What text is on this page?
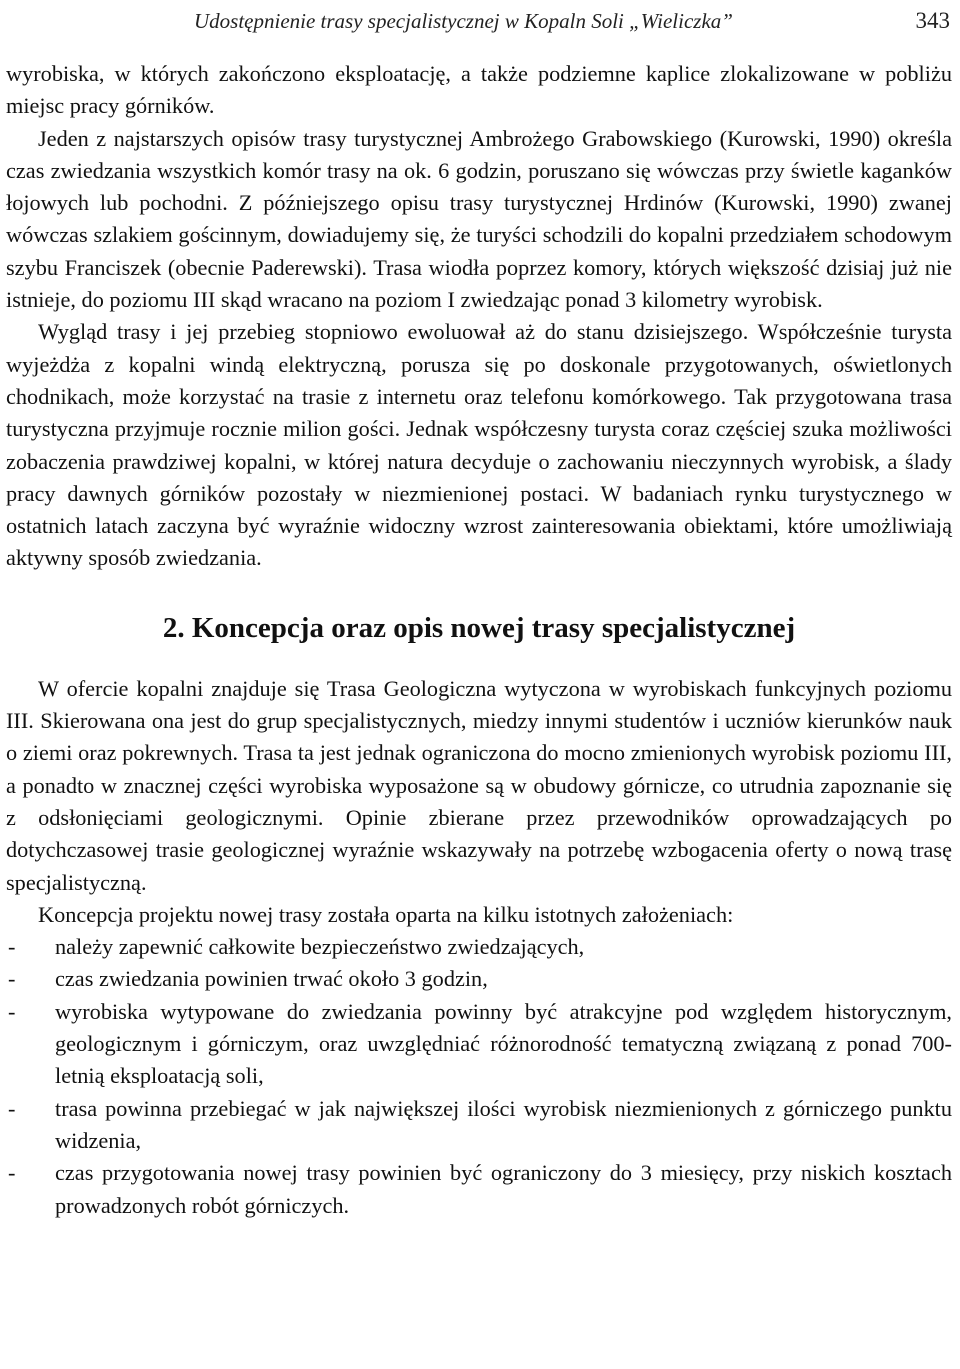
Udostępnienie trasy specjalistycznej w Kopaln Soli „Wieliczka”	343

wyrobiska, w których zakończono eksploatację, a także podziemne kaplice zlokalizowane w pobliżu miejsc pracy górników.

Jeden z najstarszych opisów trasy turystycznej Ambrożego Grabowskiego (Kurowski, 1990) określa czas zwiedzania wszystkich komór trasy na ok. 6 godzin, poruszano się wówczas przy świetle kaganków łojowych lub pochodni. Z późniejszego opisu trasy turystycznej Hrdinów (Kurowski, 1990) zwanej wówczas szlakiem gościnnym, dowiadujemy się, że turyści schodzili do kopalni przedziałem schodowym szybu Franciszek (obecnie Paderewski). Trasa wiodła poprzez komory, których większość dzisiaj już nie istnieje, do poziomu III skąd wracano na poziom I zwiedzając ponad 3 kilometry wyrobisk.

Wygląd trasy i jej przebieg stopniowo ewoluował aż do stanu dzisiejszego. Współcześnie turysta wyjeżdża z kopalni windą elektryczną, porusza się po doskonale przygotowanych, oświetlonych chodnikach, może korzystać na trasie z internetu oraz telefonu komórkowego. Tak przygotowana trasa turystyczna przyjmuje rocznie milion gości. Jednak współczesny turysta coraz częściej szuka możliwości zobaczenia prawdziwej kopalni, w której natura decyduje o zachowaniu nieczynnych wyrobisk, a ślady pracy dawnych górników pozostały w niezmienionej postaci. W badaniach rynku turystycznego w ostatnich latach zaczyna być wyraźnie widoczny wzrost zainteresowania obiektami, które umożliwiają aktywny sposób zwiedzania.

2. Koncepcja oraz opis nowej trasy specjalistycznej

W ofercie kopalni znajduje się Trasa Geologiczna wytyczona w wyrobiskach funkcyjnych poziomu III. Skierowana ona jest do grup specjalistycznych, miedzy innymi studentów i uczniów kierunków nauk o ziemi oraz pokrewnych. Trasa ta jest jednak ograniczona do mocno zmienionych wyrobisk poziomu III, a ponadto w znacznej części wyrobiska wyposażone są w obudowy górnicze, co utrudnia zapoznanie się z odsłonięciami geologicznymi. Opinie zbierane przez przewodników oprowadzających po dotychczasowej trasie geologicznej wyraźnie wskazywały na potrzebę wzbogacenia oferty o nową trasę specjalistyczną.

Koncepcja projektu nowej trasy została oparta na kilku istotnych założeniach:

- należy zapewnić całkowite bezpieczeństwo zwiedzających,
- czas zwiedzania powinien trwać około 3 godzin,
- wyrobiska wytypowane do zwiedzania powinny być atrakcyjne pod względem historycznym, geologicznym i górniczym, oraz uwzględniać różnorodność tematyczną związaną z ponad 700-letnią eksploatacją soli,
- trasa powinna przebiegać w jak największej ilości wyrobisk niezmienionych z górniczego punktu widzenia,
- czas przygotowania nowej trasy powinien być ograniczony do 3 miesięcy, przy niskich kosztach prowadzonych robót górniczych.
